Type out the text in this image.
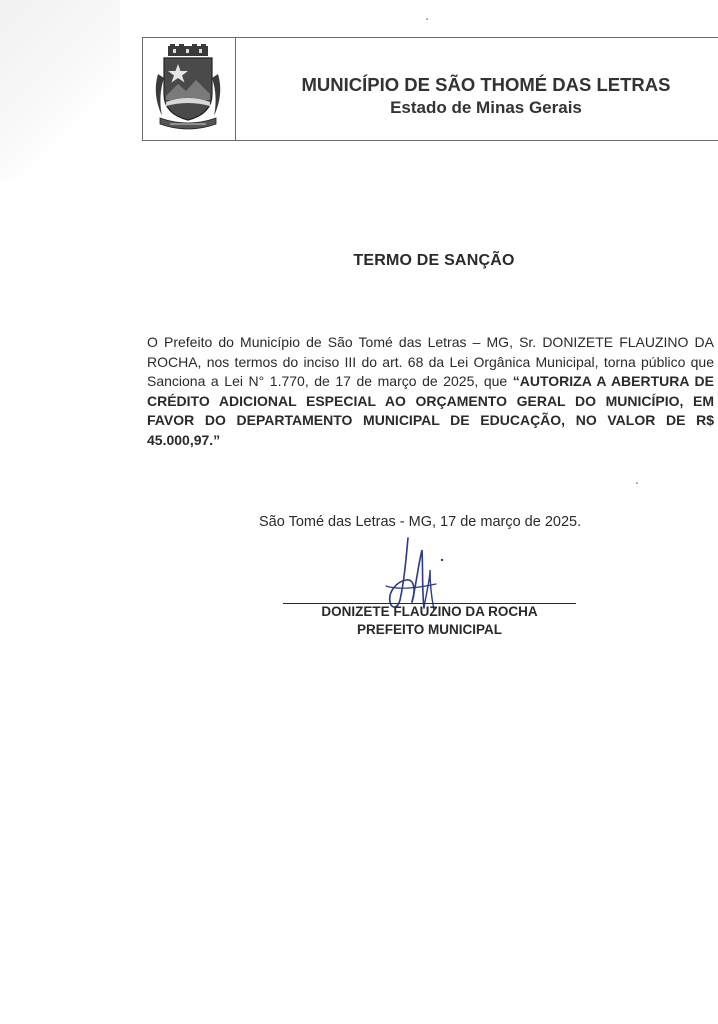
MUNICÍPIO DE SÃO THOMÉ DAS LETRAS
Estado de Minas Gerais
TERMO DE SANÇÃO
O Prefeito do Município de São Tomé das Letras – MG, Sr. DONIZETE FLAUZINO DA ROCHA, nos termos do inciso III do art. 68 da Lei Orgânica Municipal, torna público que Sanciona a Lei N° 1.770, de 17 de março de 2025, que “AUTORIZA A ABERTURA DE CRÉDITO ADICIONAL ESPECIAL AO ORÇAMENTO GERAL DO MUNICÍPIO, EM FAVOR DO DEPARTAMENTO MUNICIPAL DE EDUCAÇÃO, NO VALOR DE R$ 45.000,97.”
São Tomé das Letras - MG, 17 de março de 2025.
DONIZETE FLAUZINO DA ROCHA
PREFEITO MUNICIPAL
